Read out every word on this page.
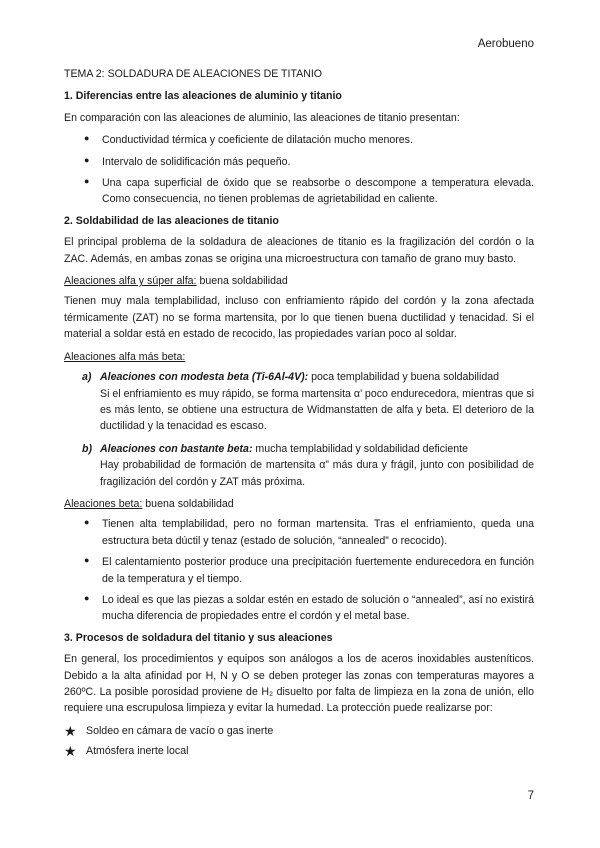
Aerobueno
TEMA 2: SOLDADURA DE ALEACIONES DE TITANIO
1. Diferencias entre las aleaciones de aluminio y titanio
En comparación con las aleaciones de aluminio, las aleaciones de titanio presentan:
● Conductividad térmica y coeficiente de dilatación mucho menores.
● Intervalo de solidificación más pequeño.
● Una capa superficial de óxido que se reabsorbe o descompone a temperatura elevada. Como consecuencia, no tienen problemas de agrietabilidad en caliente.
2. Soldabilidad de las aleaciones de titanio
El principal problema de la soldadura de aleaciones de titanio es la fragilización del cordón o la ZAC. Además, en ambas zonas se origina una microestructura con tamaño de grano muy basto.
Aleaciones alfa y súper alfa: buena soldabilidad
Tienen muy mala templabilidad, incluso con enfriamiento rápido del cordón y la zona afectada térmicamente (ZAT) no se forma martensita, por lo que tienen buena ductilidad y tenacidad. Si el material a soldar está en estado de recocido, las propiedades varían poco al soldar.
Aleaciones alfa más beta:
a) Aleaciones con modesta beta (Ti-6Al-4V): poca templabilidad y buena soldabilidad
Si el enfriamiento es muy rápido, se forma martensita α’ poco endurecedora, mientras que si es más lento, se obtiene una estructura de Widmanstatten de alfa y beta. El deterioro de la ductilidad y la tenacidad es escaso.
b) Aleaciones con bastante beta: mucha templabilidad y soldabilidad deficiente
Hay probabilidad de formación de martensita α” más dura y frágil, junto con posibilidad de fragilización del cordón y ZAT más próxima.
Aleaciones beta: buena soldabilidad
● Tienen alta templabilidad, pero no forman martensita. Tras el enfriamiento, queda una estructura beta dúctil y tenaz (estado de solución, “annealed” o recocido).
● El calentamiento posterior produce una precipitación fuertemente endurecedora en función de la temperatura y el tiempo.
● Lo ideal es que las piezas a soldar estén en estado de solución o “annealed”, así no existirá mucha diferencia de propiedades entre el cordón y el metal base.
3. Procesos de soldadura del titanio y sus aleaciones
En general, los procedimientos y equipos son análogos a los de aceros inoxidables austeníticos. Debido a la alta afinidad por H, N y O se deben proteger las zonas con temperaturas mayores a 260ºC. La posible porosidad proviene de H₂ disuelto por falta de limpieza en la zona de unión, ello requiere una escrupulosa limpieza y evitar la humedad. La protección puede realizarse por:
★ Soldeo en cámara de vacío o gas inerte
★ Atmósfera inerte local
7
